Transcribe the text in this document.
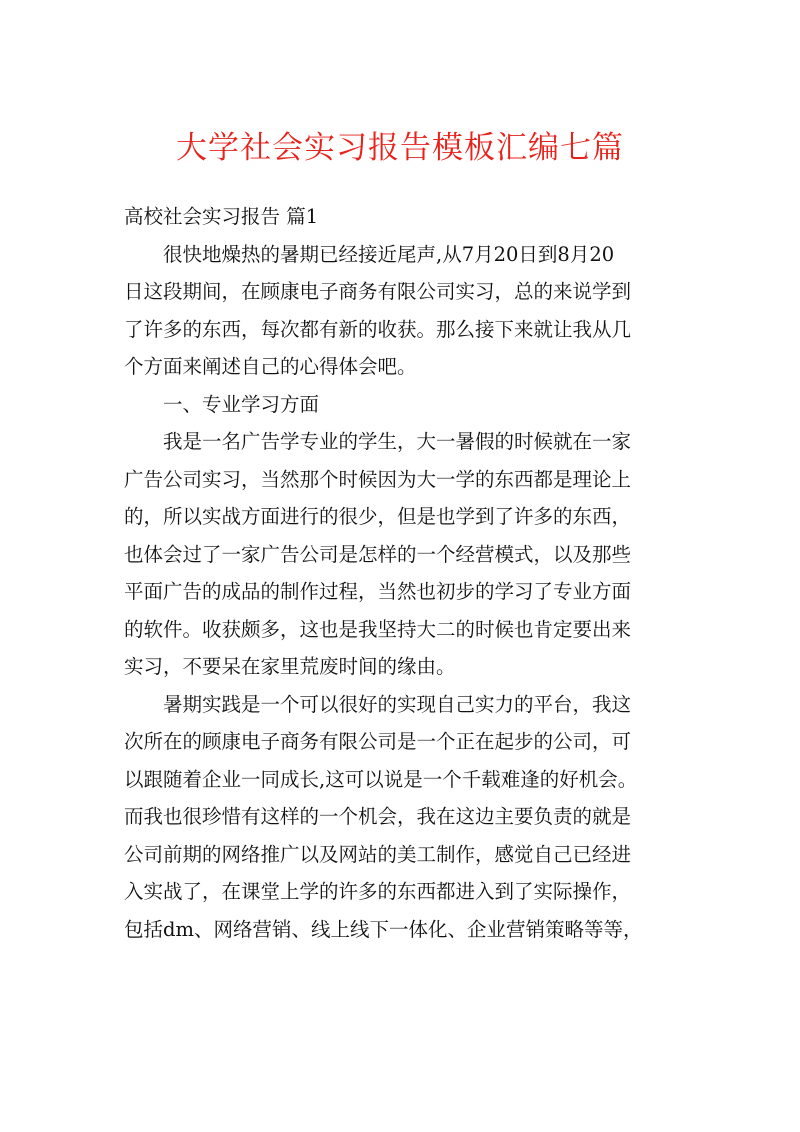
大学社会实习报告模板汇编七篇

高校社会实习报告 篇1

很快地燥热的暑期已经接近尾声,从7月20日到8月20
日这段期间，在顾康电子商务有限公司实习，总的来说学到
了许多的东西，每次都有新的收获。那么接下来就让我从几
个方面来阐述自己的心得体会吧。

一、专业学习方面

我是一名广告学专业的学生，大一暑假的时候就在一家
广告公司实习，当然那个时候因为大一学的东西都是理论上
的，所以实战方面进行的很少，但是也学到了许多的东西，
也体会过了一家广告公司是怎样的一个经营模式，以及那些
平面广告的成品的制作过程，当然也初步的学习了专业方面
的软件。收获颇多，这也是我坚持大二的时候也肯定要出来
实习，不要呆在家里荒废时间的缘由。

暑期实践是一个可以很好的实现自己实力的平台，我这
次所在的顾康电子商务有限公司是一个正在起步的公司，可
以跟随着企业一同成长,这可以说是一个千载难逢的好机会。
而我也很珍惜有这样的一个机会，我在这边主要负责的就是
公司前期的网络推广以及网站的美工制作，感觉自己已经进
入实战了，在课堂上学的许多的东西都进入到了实际操作，
包括dm、网络营销、线上线下一体化、企业营销策略等等，
